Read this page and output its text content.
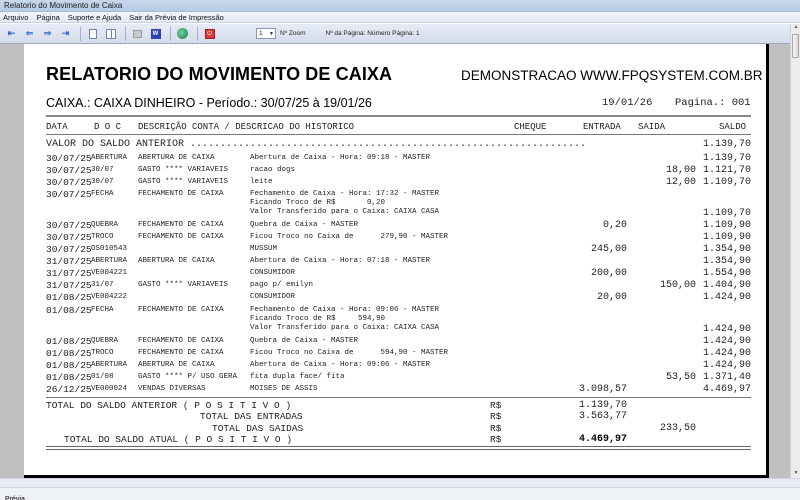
Relatorio do Movimento de Caixa
Arquivo Página Suporte e Ajuda Sair da Prévia de Impressão
⇤ ⇐ ⇒ ⇥	W	⏻	1 ▼ Nº Zoom	Nº da Página: Número Página: 1
▲
▼
RELATORIO DO MOVIMENTO DE CAIXA	DEMONSTRACAO WWW.FPQSYSTEM.COM.BR
CAIXA.: CAIXA DINHEIRO - Período.: 30/07/25 à 19/01/26	19/01/26 Pagina.: 001
DATA	D O C DESCRIÇÃO CONTA / DESCRICAO DO HISTORICO	CHEQUE	ENTRADA SAIDA	SALDO
VALOR DO SALDO ANTERIOR ..................................................................	1.139,70
30/07/25 ABERTURA ABERTURA DE CAIXA	Abertura de Caixa - Hora: 09:18 - MASTER	1.139,70
30/07/25 30/07	GASTO **** VARIAVEIS	racao dogs	18,00 1.121,70
30/07/25 30/07	GASTO **** VARIAVEIS	leite	12,00 1.109,70
30/07/25 FECHA	FECHAMENTO DE CAIXA	Fechamento de Caixa - Hora: 17:32 - MASTER
Ficando Troco de R$       0,20
Valor Transferido para o Caixa: CAIXA CASA	1.109,70
30/07/25 QUEBRA	FECHAMENTO DE CAIXA	Quebra de Caixa - MASTER	0,20	1.109,90
30/07/25 TROCO	FECHAMENTO DE CAIXA	Ficou Troco no Caixa de      279,90 - MASTER	1.109,90
30/07/25 OS010543	MUSSUM	245,00	1.354,90
31/07/25 ABERTURA ABERTURA DE CAIXA	Abertura de Caixa - Hora: 07:18 - MASTER	1.354,90
31/07/25 VE004221	CONSUMIDOR	200,00	1.554,90
31/07/25 31/07	GASTO **** VARIAVEIS	pago p/ emilyn	150,00 1.404,90
01/08/25 VE004222	CONSUMIDOR	20,00	1.424,90
01/08/25 FECHA	FECHAMENTO DE CAIXA	Fechamento de Caixa - Hora: 09:06 - MASTER
Ficando Troco de R$     594,90
Valor Transferido para o Caixa: CAIXA CASA	1.424,90
01/08/25 QUEBRA	FECHAMENTO DE CAIXA	Quebra de Caixa - MASTER	1.424,90
01/08/25 TROCO	FECHAMENTO DE CAIXA	Ficou Troco no Caixa de      594,90 - MASTER	1.424,90
01/08/25 ABERTURA ABERTURA DE CAIXA	Abertura de Caixa - Hora: 09:06 - MASTER	1.424,90
01/08/25 01/08	GASTO **** P/ USO GERA fita dupla face/ fita	53,50 1.371,40
26/12/25 VE000024 VENDAS DIVERSAS	MOISES DE ASSIS	3.098,57	4.469,97
TOTAL DO SALDO ANTERIOR ( P O S I T I V O )	R$	1.139,70
TOTAL DAS ENTRADAS	R$	3.563,77
TOTAL DAS SAIDAS	R$	233,50
TOTAL DO SALDO ATUAL ( P O S I T I V O )	R$	4.469,97
Prévia
